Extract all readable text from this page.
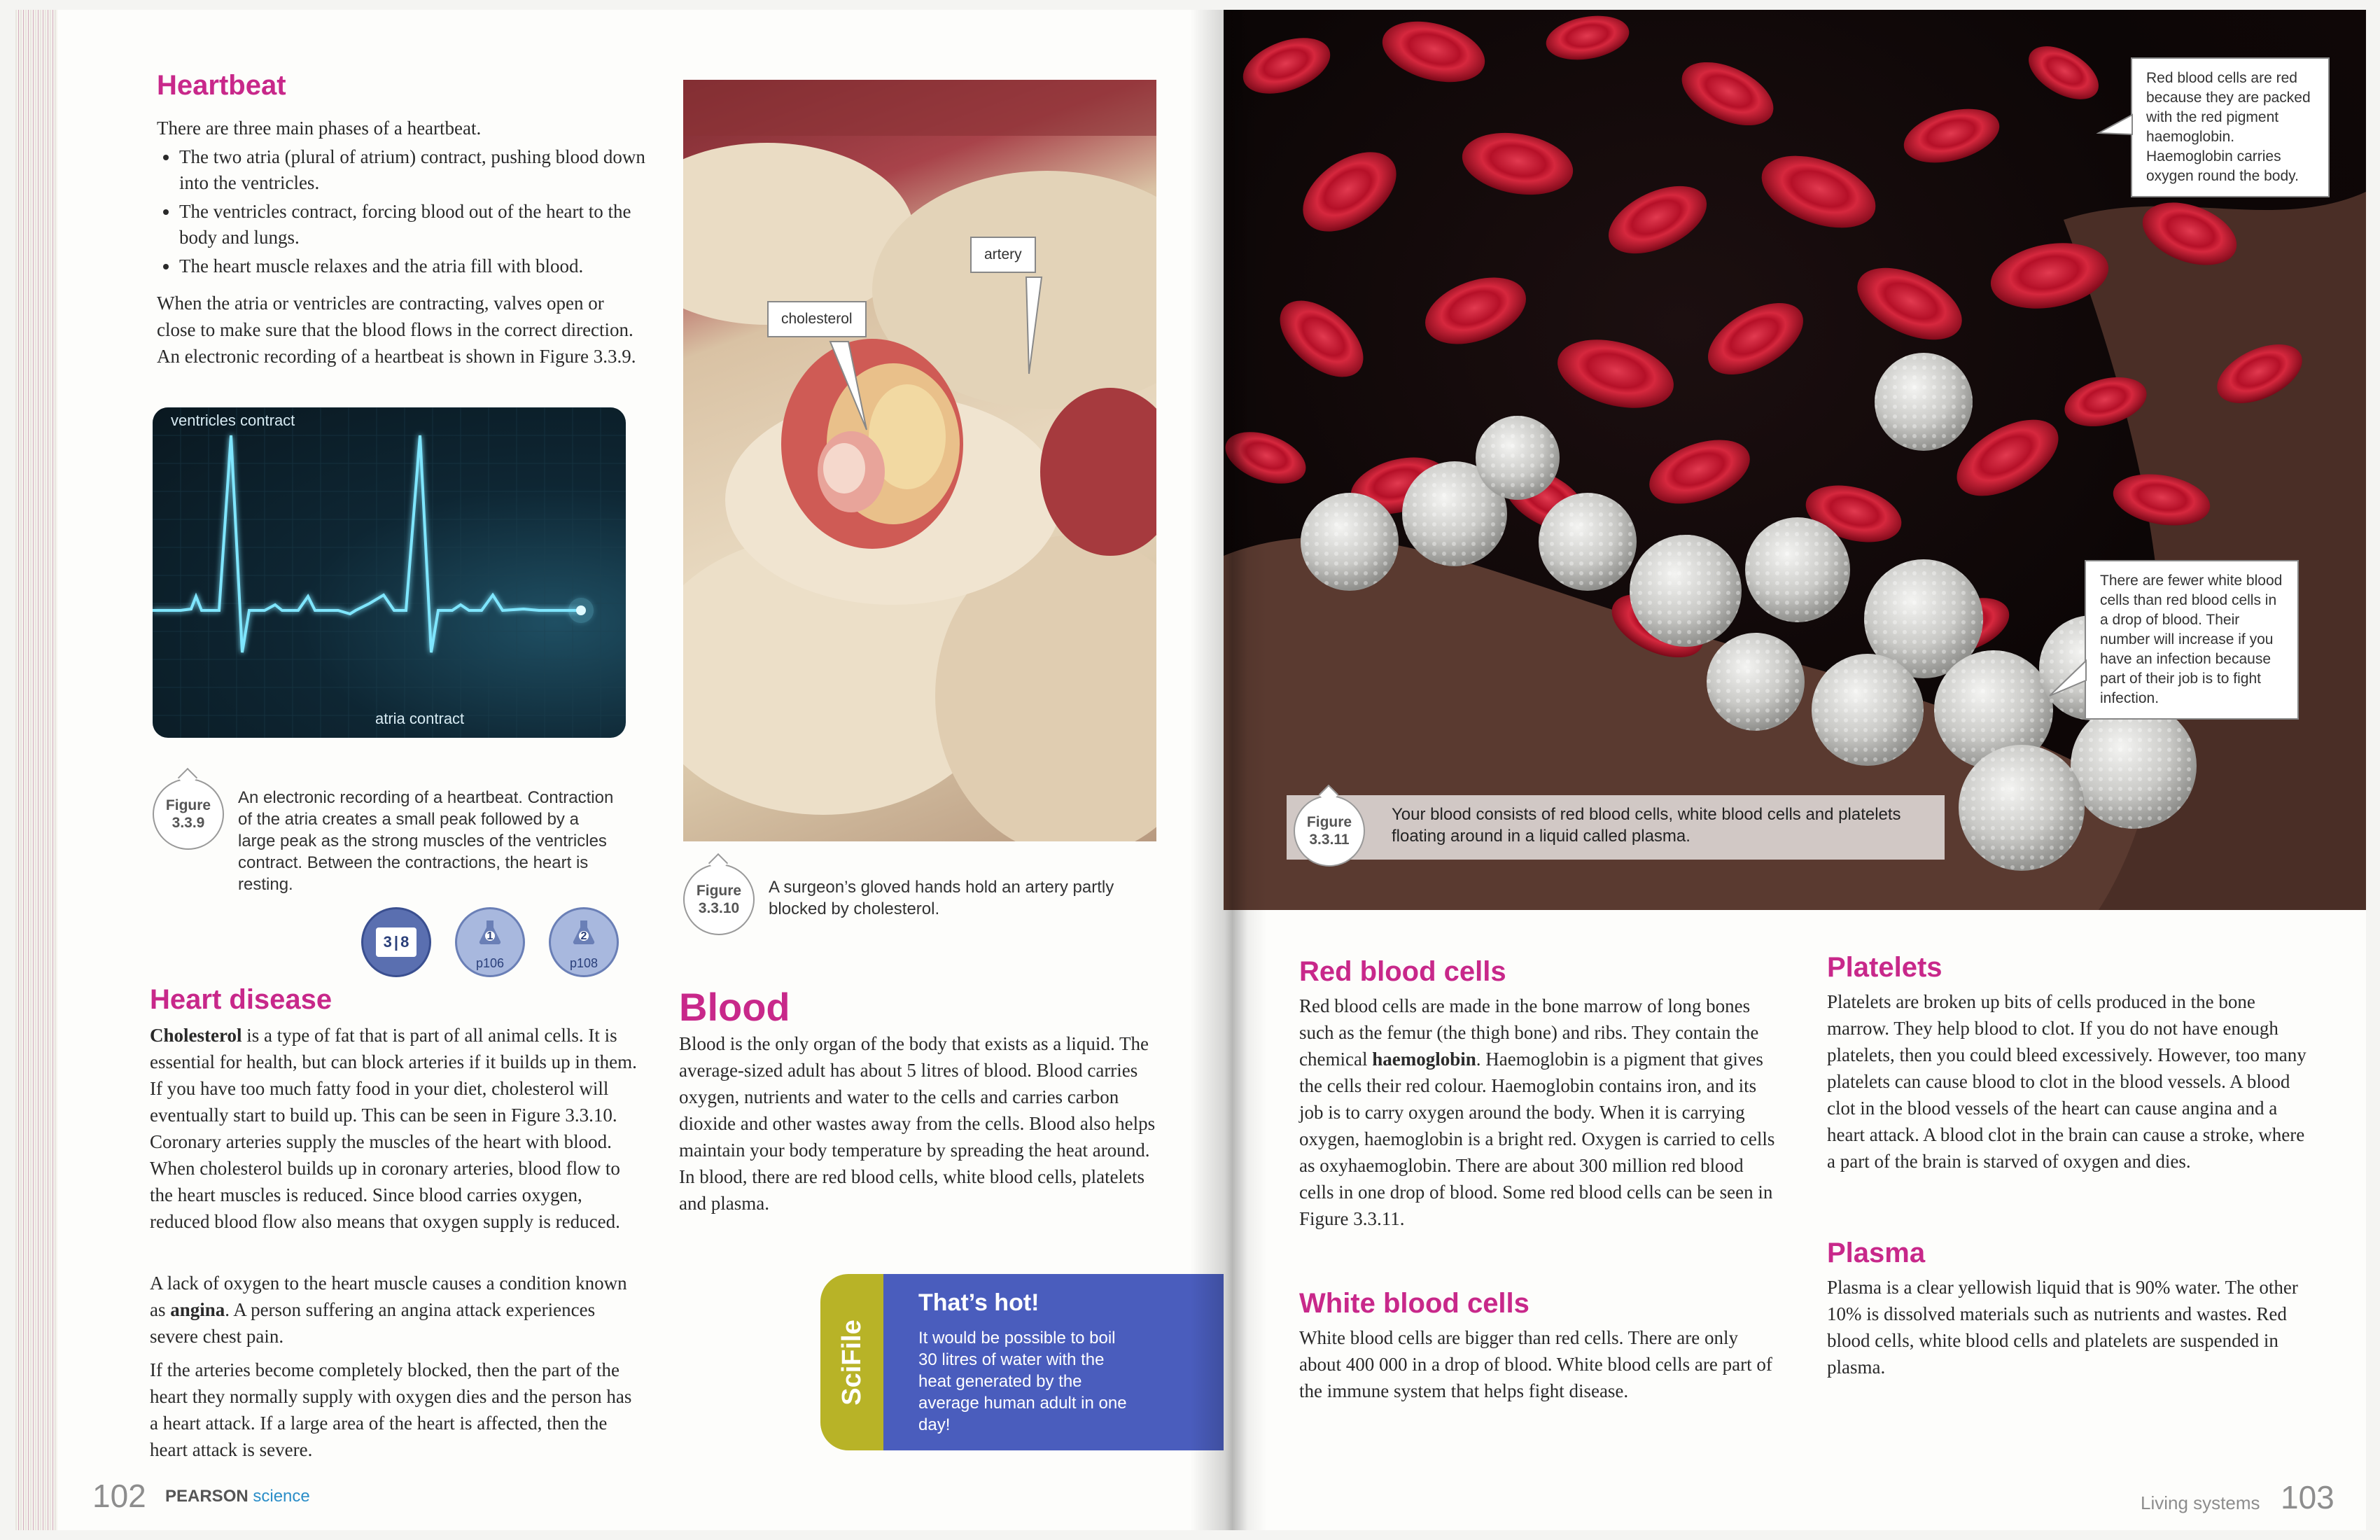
Heartbeat

There are three main phases of a heartbeat.

• The two atria (plural of atrium) contract, pushing blood down into the ventricles.
• The ventricles contract, forcing blood out of the heart to the body and lungs.
• The heart muscle relaxes and the atria fill with blood.

When the atria or ventricles are contracting, valves open or close to make sure that the blood flows in the correct direction. An electronic recording of a heartbeat is shown in Figure 3.3.9.

ventricles contract
atria contract
Figure
3.3.9

An electronic recording of a heartbeat. Contraction of the atria creates a small peak followed by a large peak as the strong muscles of the ventricles contract. Between the contractions, the heart is resting.

3 | 8	1
p106
2
p108
Heart disease

Cholesterol is a type of fat that is part of all animal cells. It is essential for health, but can block arteries if it builds up in them. If you have too much fatty food in your diet, cholesterol will eventually start to build up. This can be seen in Figure 3.3.10. Coronary arteries supply the muscles of the heart with blood. When cholesterol builds up in coronary arteries, blood flow to the heart muscles is reduced. Since blood carries oxygen, reduced blood flow also means that oxygen supply is reduced.

A lack of oxygen to the heart muscle causes a condition known as angina. A person suffering an angina attack experiences severe chest pain.

If the arteries become completely blocked, then the part of the heart they normally supply with oxygen dies and the person has a heart attack. If a large area of the heart is affected, then the heart attack is severe.

artery
cholesterol
Figure
3.3.10

A surgeon’s gloved hands hold an artery partly blocked by cholesterol.

Blood

Blood is the only organ of the body that exists as a liquid. The average-sized adult has about 5 litres of blood. Blood carries oxygen, nutrients and water to the cells and carries carbon dioxide and other wastes away from the cells. Blood also helps maintain your body temperature by spreading the heat around. In blood, there are red blood cells, white blood cells, platelets and plasma.

SciFile
That’s hot!
It would be possible to boil 30 litres of water with the heat generated by the average human adult in one day!
102 PEARSON science
Red blood cells are red because they are packed with the red pigment haemoglobin. Haemoglobin carries oxygen round the body.
There are fewer white blood cells than red blood cells in a drop of blood. Their number will increase if you have an infection because part of their job is to fight infection.

Your blood consists of red blood cells, white blood cells and platelets floating around in a liquid called plasma.

Figure
3.3.11
Red blood cells

Red blood cells are made in the bone marrow of long bones such as the femur (the thigh bone) and ribs. They contain the chemical haemoglobin. Haemoglobin is a pigment that gives the cells their red colour. Haemoglobin contains iron, and its job is to carry oxygen around the body. When it is carrying oxygen, haemoglobin is a bright red. Oxygen is carried to cells as oxyhaemoglobin. There are about 300 million red blood cells in one drop of blood. Some red blood cells can be seen in Figure 3.3.11.

White blood cells

White blood cells are bigger than red cells. There are only about 400 000 in a drop of blood. White blood cells are part of the immune system that helps fight disease.

Platelets

Platelets are broken up bits of cells produced in the bone marrow. They help blood to clot. If you do not have enough platelets, then you could bleed excessively. However, too many platelets can cause blood to clot in the blood vessels. A blood clot in the blood vessels of the heart can cause angina and a heart attack. A blood clot in the brain can cause a stroke, where a part of the brain is starved of oxygen and dies.

Plasma

Plasma is a clear yellowish liquid that is 90% water. The other 10% is dissolved materials such as nutrients and wastes. Red blood cells, white blood cells and platelets are suspended in plasma.

Living systems 103
